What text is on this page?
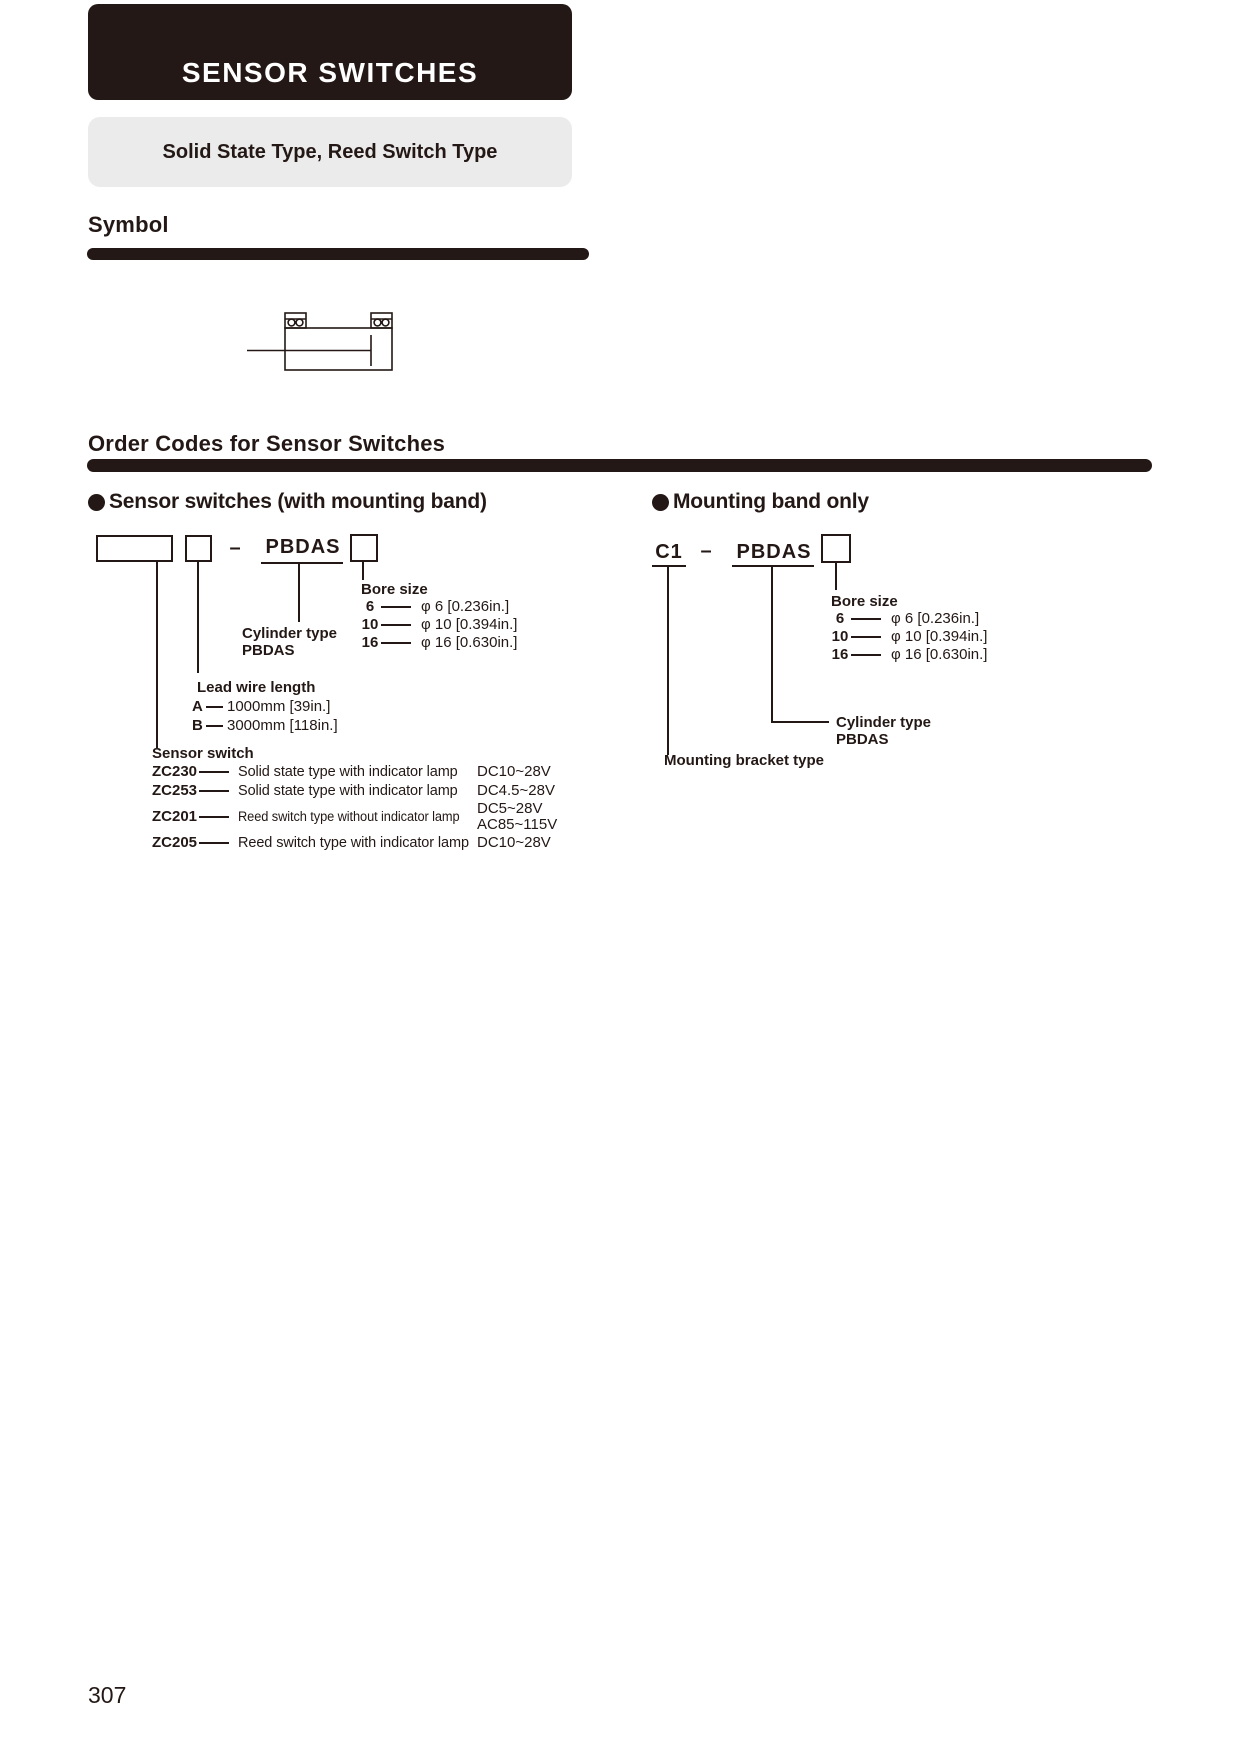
SENSOR SWITCHES
Solid State Type, Reed Switch Type
Symbol
Order Codes for Sensor Switches
Sensor switches (with mounting band)
–	PBDAS
Bore size
6	φ 6 [0.236in.]
10	φ 10 [0.394in.]
16	φ 16 [0.630in.]
Cylinder type
PBDAS
Lead wire length
A 1000mm [39in.]
B 3000mm [118in.]
Sensor switch
ZC230	Solid state type with indicator lamp DC10~28V
ZC253	Solid state type with indicator lamp DC4.5~28V
ZC201	Reed switch type without indicator lamp DC5~28V
AC85~115V
ZC205	Reed switch type with indicator lamp DC10~28V
Mounting band only
C1 –	PBDAS
Bore size
6	φ 6 [0.236in.]
10	φ 10 [0.394in.]
16	φ 16 [0.630in.]
Cylinder type
PBDAS
Mounting bracket type
307
